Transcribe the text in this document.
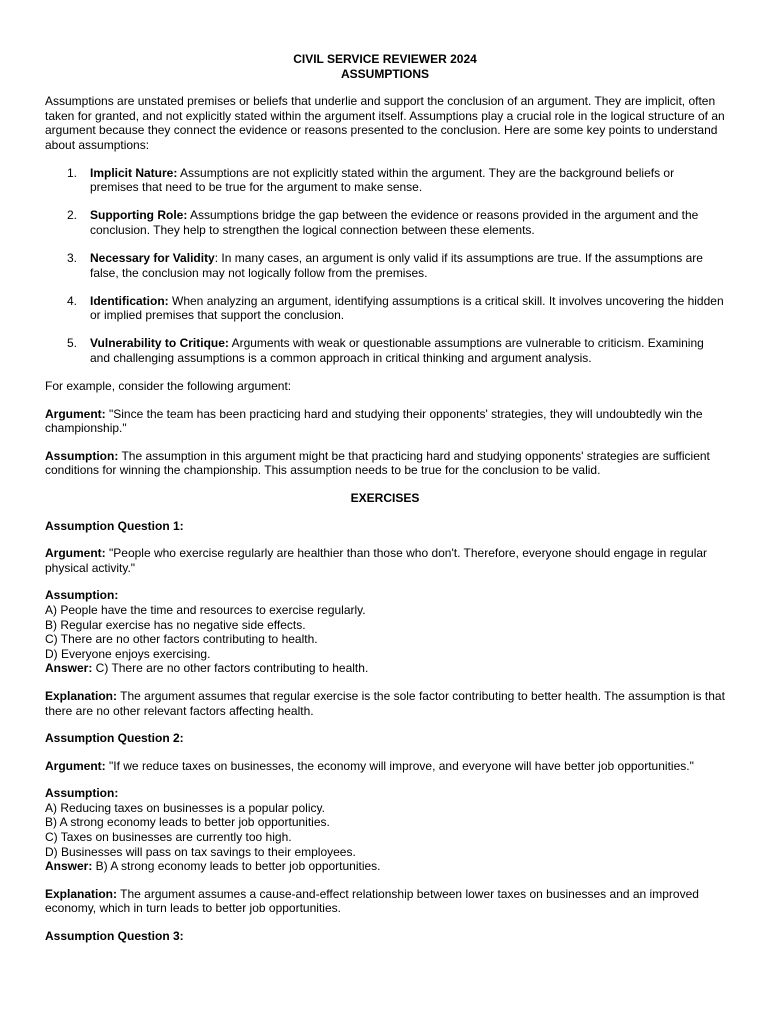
CIVIL SERVICE REVIEWER 2024

ASSUMPTIONS

Assumptions are unstated premises or beliefs that underlie and support the conclusion of an argument. They are implicit, often taken for granted, and not explicitly stated within the argument itself. Assumptions play a crucial role in the logical structure of an argument because they connect the evidence or reasons presented to the conclusion. Here are some key points to understand about assumptions:

1. Implicit Nature: Assumptions are not explicitly stated within the argument. They are the background beliefs or premises that need to be true for the argument to make sense.
2. Supporting Role: Assumptions bridge the gap between the evidence or reasons provided in the argument and the conclusion. They help to strengthen the logical connection between these elements.
3. Necessary for Validity: In many cases, an argument is only valid if its assumptions are true. If the assumptions are false, the conclusion may not logically follow from the premises.
4. Identification: When analyzing an argument, identifying assumptions is a critical skill. It involves uncovering the hidden or implied premises that support the conclusion.
5. Vulnerability to Critique: Arguments with weak or questionable assumptions are vulnerable to criticism. Examining and challenging assumptions is a common approach in critical thinking and argument analysis.

For example, consider the following argument:

Argument: "Since the team has been practicing hard and studying their opponents' strategies, they will undoubtedly win the championship."

Assumption: The assumption in this argument might be that practicing hard and studying opponents' strategies are sufficient conditions for winning the championship. This assumption needs to be true for the conclusion to be valid.

EXERCISES

Assumption Question 1:

Argument: "People who exercise regularly are healthier than those who don't. Therefore, everyone should engage in regular physical activity."

Assumption:

A) People have the time and resources to exercise regularly.

B) Regular exercise has no negative side effects.

C) There are no other factors contributing to health.

D) Everyone enjoys exercising.

Answer: C) There are no other factors contributing to health.

Explanation: The argument assumes that regular exercise is the sole factor contributing to better health. The assumption is that there are no other relevant factors affecting health.

Assumption Question 2:

Argument: "If we reduce taxes on businesses, the economy will improve, and everyone will have better job opportunities."

Assumption:

A) Reducing taxes on businesses is a popular policy.

B) A strong economy leads to better job opportunities.

C) Taxes on businesses are currently too high.

D) Businesses will pass on tax savings to their employees.

Answer: B) A strong economy leads to better job opportunities.

Explanation: The argument assumes a cause-and-effect relationship between lower taxes on businesses and an improved economy, which in turn leads to better job opportunities.

Assumption Question 3:
